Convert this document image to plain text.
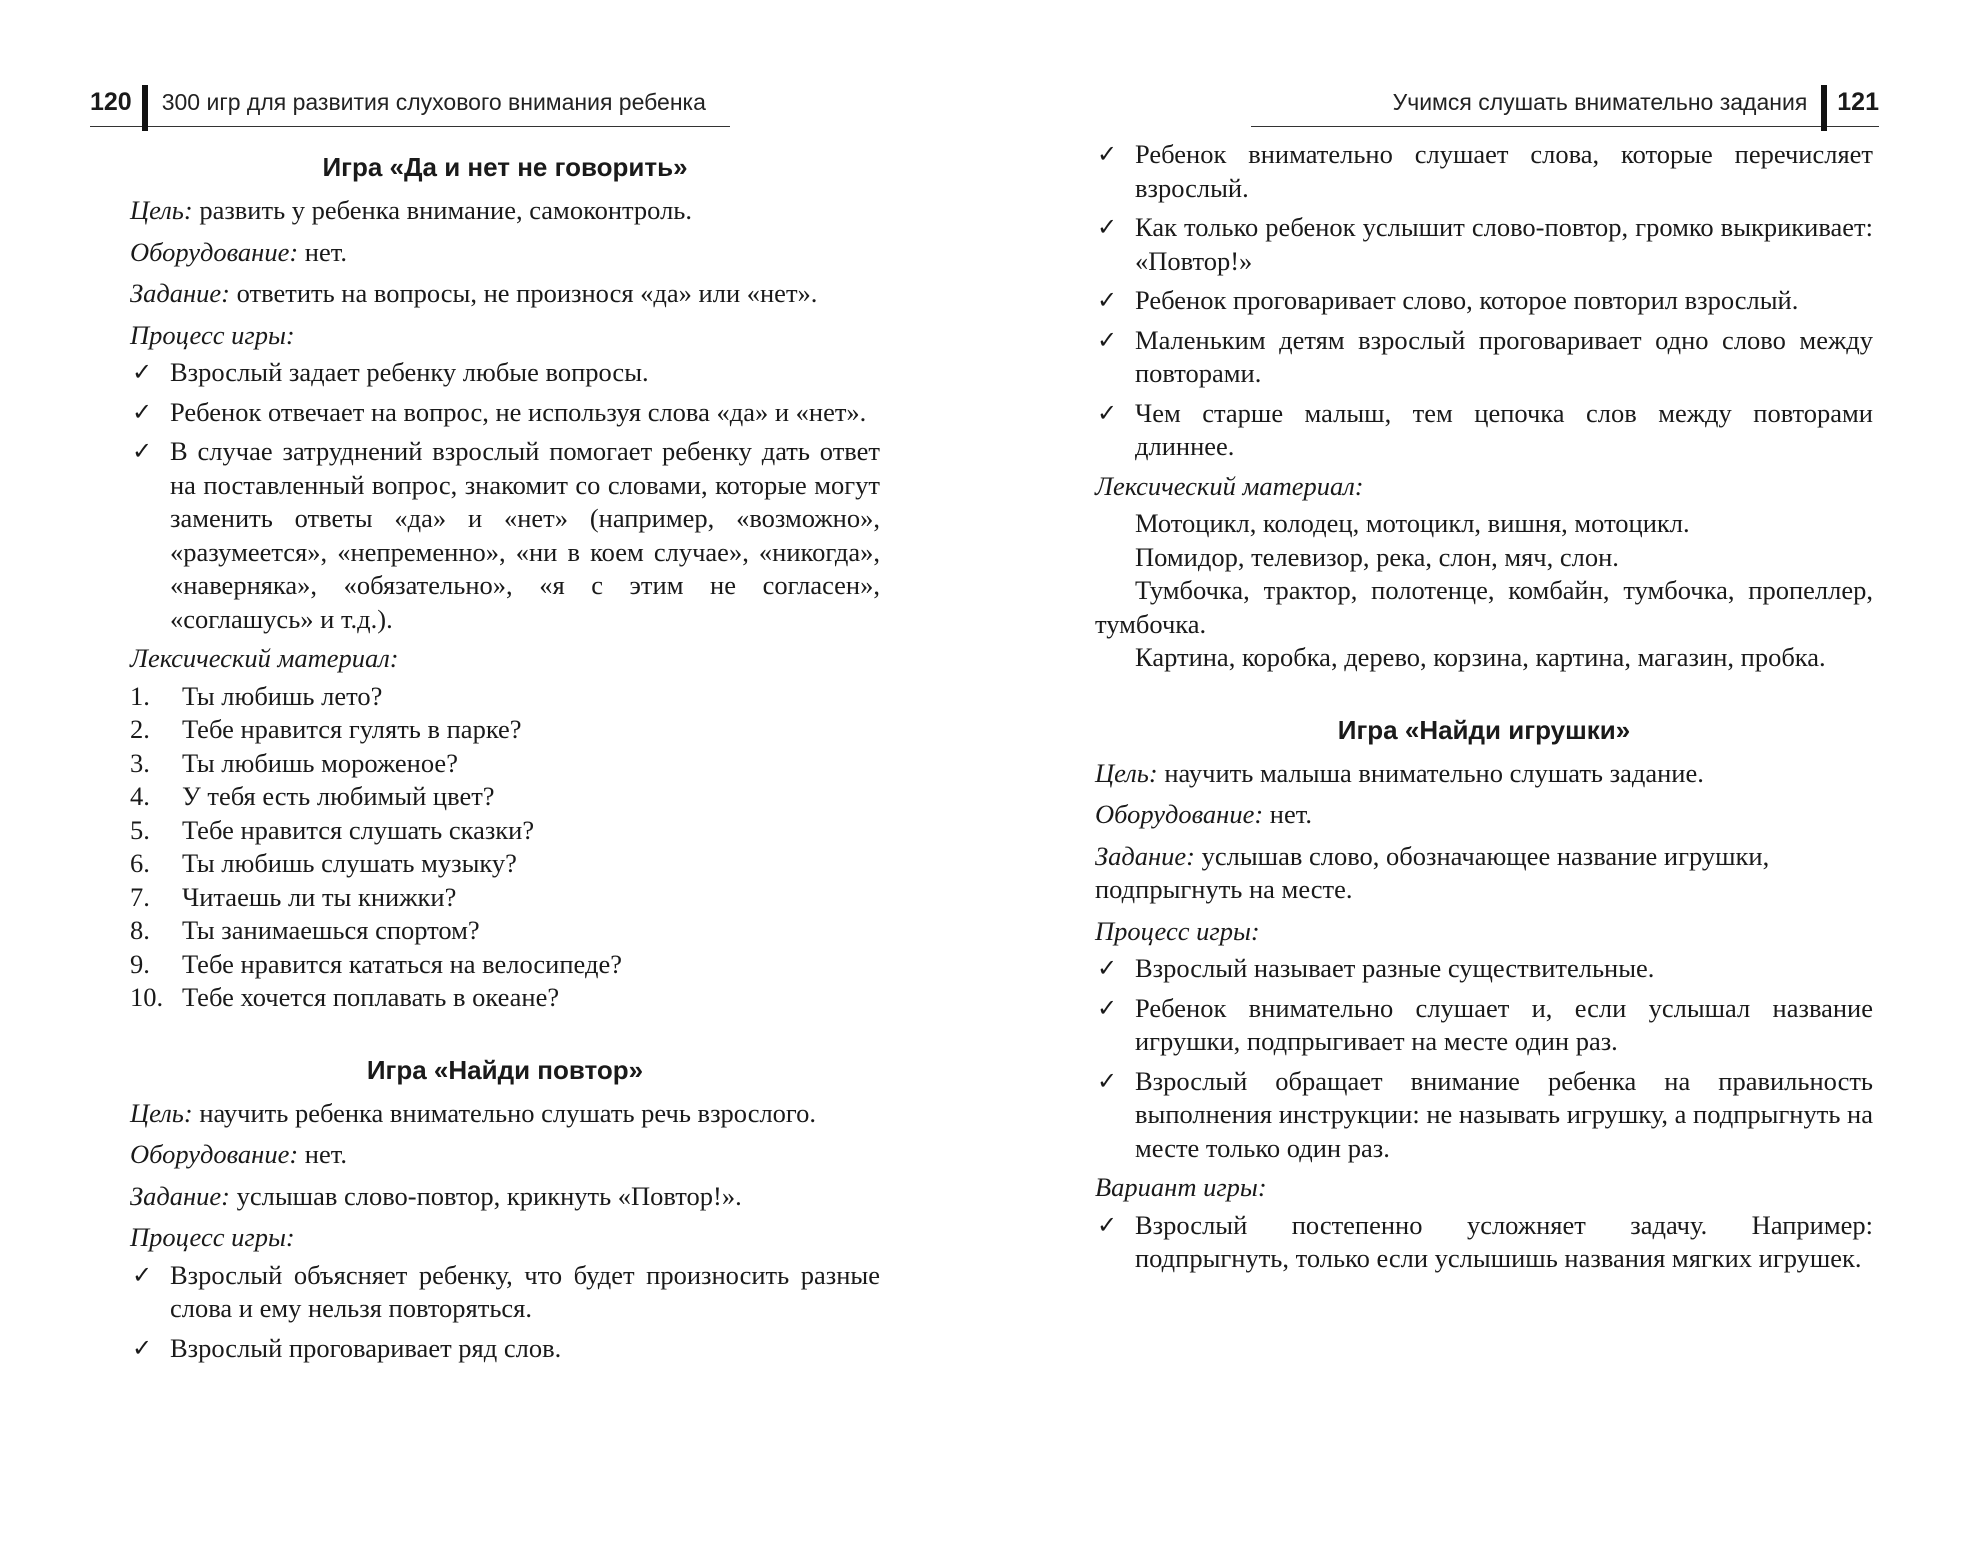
120 300 игр для развития слухового внимания ребенка
Игра «Да и нет не говорить»
Цель: развить у ребенка внимание, самоконтроль.
Оборудование: нет.
Задание: ответить на вопросы, не произнося «да» или «нет».
Процесс игры:
✓ Взрослый задает ребенку любые вопросы.
✓ Ребенок отвечает на вопрос, не используя слова «да» и «нет».
✓ В случае затруднений взрослый помогает ребенку дать ответ на поставленный вопрос, знакомит со словами, которые могут заменить ответы «да» и «нет» (например, «возможно», «разумеется», «непременно», «ни в коем случае», «никогда», «наверняка», «обязательно», «я с этим не согласен», «соглашусь» и т.д.).
Лексический материал:
1.	Ты любишь лето?
2.	Тебе нравится гулять в парке?
3.	Ты любишь мороженое?
4.	У тебя есть любимый цвет?
5.	Тебе нравится слушать сказки?
6.	Ты любишь слушать музыку?
7.	Читаешь ли ты книжки?
8.	Ты занимаешься спортом?
9.	Тебе нравится кататься на велосипеде?
10. Тебе хочется поплавать в океане?
Игра «Найди повтор»
Цель: научить ребенка внимательно слушать речь взрослого.
Оборудование: нет.
Задание: услышав слово-повтор, крикнуть «Повтор!».
Процесс игры:
✓ Взрослый объясняет ребенку, что будет произносить разные слова и ему нельзя повторяться.
✓ Взрослый проговаривает ряд слов.
Учимся слушать внимательно задания 121
✓ Ребенок внимательно слушает слова, которые перечисляет взрослый.
✓ Как только ребенок услышит слово-повтор, громко выкрикивает: «Повтор!»
✓ Ребенок проговаривает слово, которое повторил взрослый.
✓ Маленьким детям взрослый проговаривает одно слово между повторами.
✓ Чем старше малыш, тем цепочка слов между повторами длиннее.
Лексический материал:

Мотоцикл, колодец, мотоцикл, вишня, мотоцикл.

Помидор, телевизор, река, слон, мяч, слон.

Тумбочка, трактор, полотенце, комбайн, тумбочка, пропеллер, тумбочка.

Картина, коробка, дерево, корзина, картина, магазин, пробка.

Игра «Найди игрушки»
Цель: научить малыша внимательно слушать задание.
Оборудование: нет.
Задание: услышав слово, обозначающее название игрушки, подпрыгнуть на месте.
Процесс игры:
✓ Взрослый называет разные существительные.
✓ Ребенок внимательно слушает и, если услышал название игрушки, подпрыгивает на месте один раз.
✓ Взрослый обращает внимание ребенка на правильность выполнения инструкции: не называть игрушку, а подпрыгнуть на месте только один раз.
Вариант игры:
✓ Взрослый постепенно усложняет задачу. Например: подпрыгнуть, только если услышишь названия мягких игрушек.
